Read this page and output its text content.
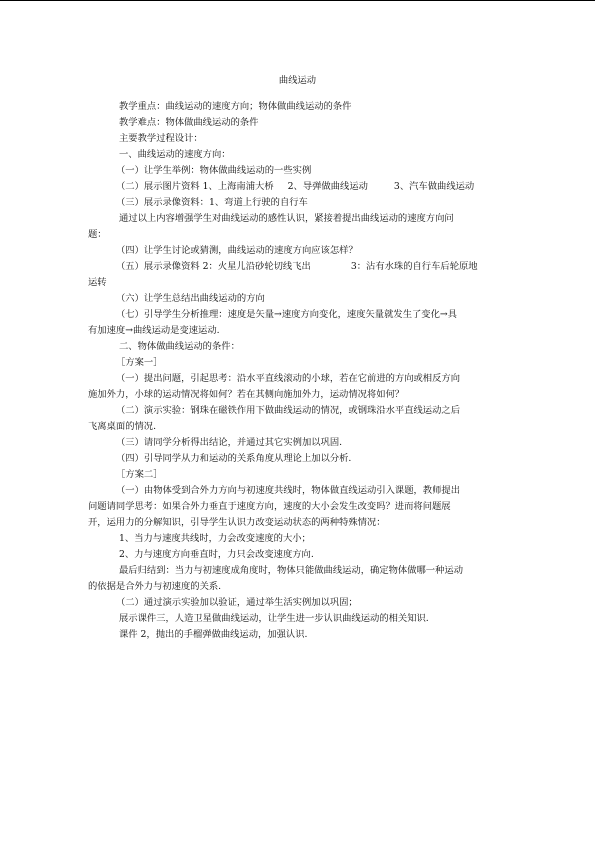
曲线运动
教学重点：曲线运动的速度方向；物体做曲线运动的条件
教学难点：物体做曲线运动的条件
主要教学过程设计：
一、曲线运动的速度方向：
（一）让学生举例：物体做曲线运动的一些实例
（二）展示图片资料 1、上海南浦大桥 2、导弹做曲线运动	3、汽车做曲线运动
（三）展示录像资料：1、弯道上行驶的自行车
通过以上内容增强学生对曲线运动的感性认识，紧接着提出曲线运动的速度方向问
题：
（四）让学生讨论或猜测，曲线运动的速度方向应该怎样？
（五）展示录像资料 2：火星儿沿砂轮切线飞出	3：沾有水珠的自行车后轮原地
运转
（六）让学生总结出曲线运动的方向
（七）引导学生分析推理：速度是矢量→速度方向变化，速度矢量就发生了变化→具
有加速度→曲线运动是变速运动.
二、物体做曲线运动的条件：
［方案一］
（一）提出问题，引起思考：沿水平直线滚动的小球，若在它前进的方向或相反方向
施加外力，小球的运动情况将如何？若在其侧向施加外力，运动情况将如何？
（二）演示实验：钢珠在磁铁作用下做曲线运动的情况，或钢珠沿水平直线运动之后
飞离桌面的情况.
（三）请同学分析得出结论，并通过其它实例加以巩固.
（四）引导同学从力和运动的关系角度从理论上加以分析.
［方案二］
（一）由物体受到合外力方向与初速度共线时，物体做直线运动引入课题，教师提出
问题请同学思考：如果合外力垂直于速度方向，速度的大小会发生改变吗？进而将问题展
开，运用力的分解知识，引导学生认识力改变运动状态的两种特殊情况：
1、当力与速度共线时，力会改变速度的大小；
2、力与速度方向垂直时，力只会改变速度方向.
最后归结到：当力与初速度成角度时，物体只能做曲线运动，确定物体做哪一种运动
的依据是合外力与初速度的关系.
（二）通过演示实验加以验证，通过举生活实例加以巩固；
展示课件三，人造卫星做曲线运动，让学生进一步认识曲线运动的相关知识.
课件 2，抛出的手榴弹做曲线运动，加强认识.
